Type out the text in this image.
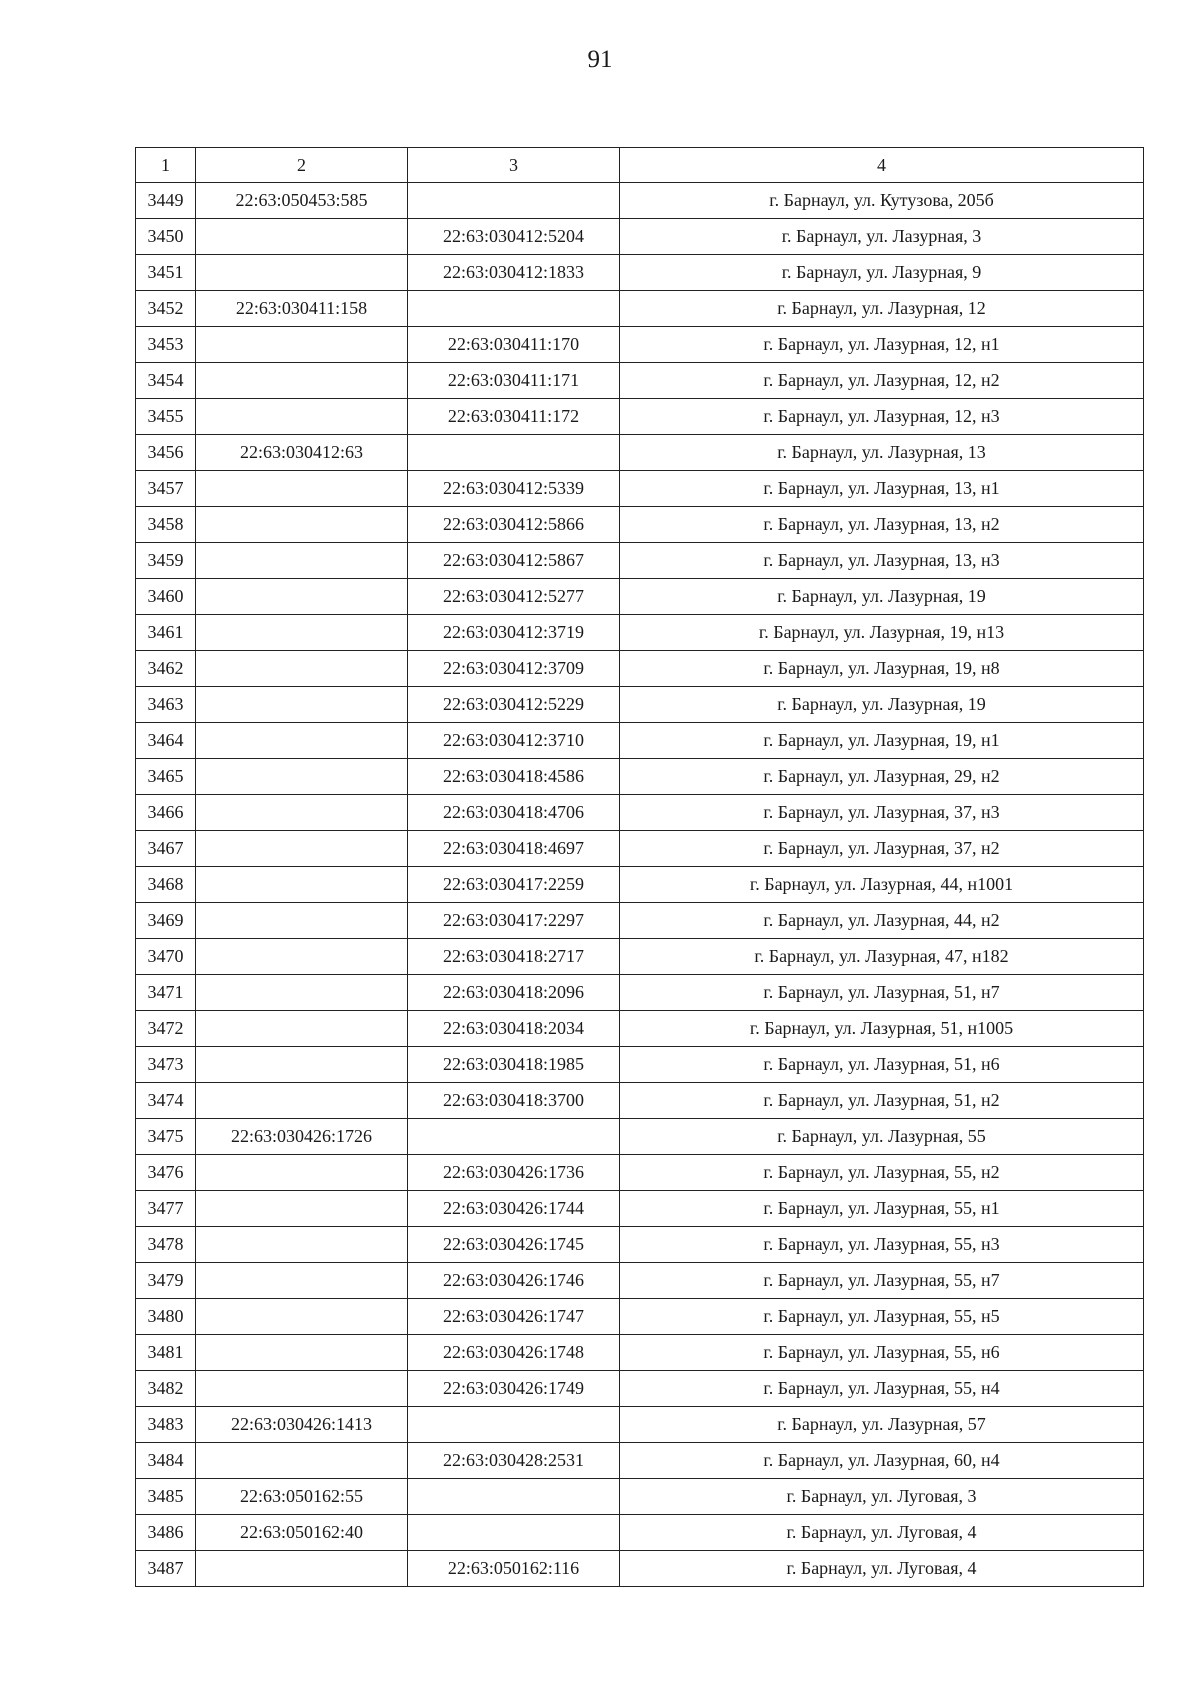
91
1	2	3	4
3449	22:63:050453:585		г. Барнаул, ул. Кутузова, 205б
3450		22:63:030412:5204	г. Барнаул, ул. Лазурная, 3
3451		22:63:030412:1833	г. Барнаул, ул. Лазурная, 9
3452	22:63:030411:158		г. Барнаул, ул. Лазурная, 12
3453		22:63:030411:170	г. Барнаул, ул. Лазурная, 12, н1
3454		22:63:030411:171	г. Барнаул, ул. Лазурная, 12, н2
3455		22:63:030411:172	г. Барнаул, ул. Лазурная, 12, н3
3456	22:63:030412:63		г. Барнаул, ул. Лазурная, 13
3457		22:63:030412:5339	г. Барнаул, ул. Лазурная, 13, н1
3458		22:63:030412:5866	г. Барнаул, ул. Лазурная, 13, н2
3459		22:63:030412:5867	г. Барнаул, ул. Лазурная, 13, н3
3460		22:63:030412:5277	г. Барнаул, ул. Лазурная, 19
3461		22:63:030412:3719	г. Барнаул, ул. Лазурная, 19, н13
3462		22:63:030412:3709	г. Барнаул, ул. Лазурная, 19, н8
3463		22:63:030412:5229	г. Барнаул, ул. Лазурная, 19
3464		22:63:030412:3710	г. Барнаул, ул. Лазурная, 19, н1
3465		22:63:030418:4586	г. Барнаул, ул. Лазурная, 29, н2
3466		22:63:030418:4706	г. Барнаул, ул. Лазурная, 37, н3
3467		22:63:030418:4697	г. Барнаул, ул. Лазурная, 37, н2
3468		22:63:030417:2259	г. Барнаул, ул. Лазурная, 44, н1001
3469		22:63:030417:2297	г. Барнаул, ул. Лазурная, 44, н2
3470		22:63:030418:2717	г. Барнаул, ул. Лазурная, 47, н182
3471		22:63:030418:2096	г. Барнаул, ул. Лазурная, 51, н7
3472		22:63:030418:2034	г. Барнаул, ул. Лазурная, 51, н1005
3473		22:63:030418:1985	г. Барнаул, ул. Лазурная, 51, н6
3474		22:63:030418:3700	г. Барнаул, ул. Лазурная, 51, н2
3475	22:63:030426:1726		г. Барнаул, ул. Лазурная, 55
3476		22:63:030426:1736	г. Барнаул, ул. Лазурная, 55, н2
3477		22:63:030426:1744	г. Барнаул, ул. Лазурная, 55, н1
3478		22:63:030426:1745	г. Барнаул, ул. Лазурная, 55, н3
3479		22:63:030426:1746	г. Барнаул, ул. Лазурная, 55, н7
3480		22:63:030426:1747	г. Барнаул, ул. Лазурная, 55, н5
3481		22:63:030426:1748	г. Барнаул, ул. Лазурная, 55, н6
3482		22:63:030426:1749	г. Барнаул, ул. Лазурная, 55, н4
3483	22:63:030426:1413		г. Барнаул, ул. Лазурная, 57
3484		22:63:030428:2531	г. Барнаул, ул. Лазурная, 60, н4
3485	22:63:050162:55		г. Барнаул, ул. Луговая, 3
3486	22:63:050162:40		г. Барнаул, ул. Луговая, 4
3487		22:63:050162:116	г. Барнаул, ул. Луговая, 4
